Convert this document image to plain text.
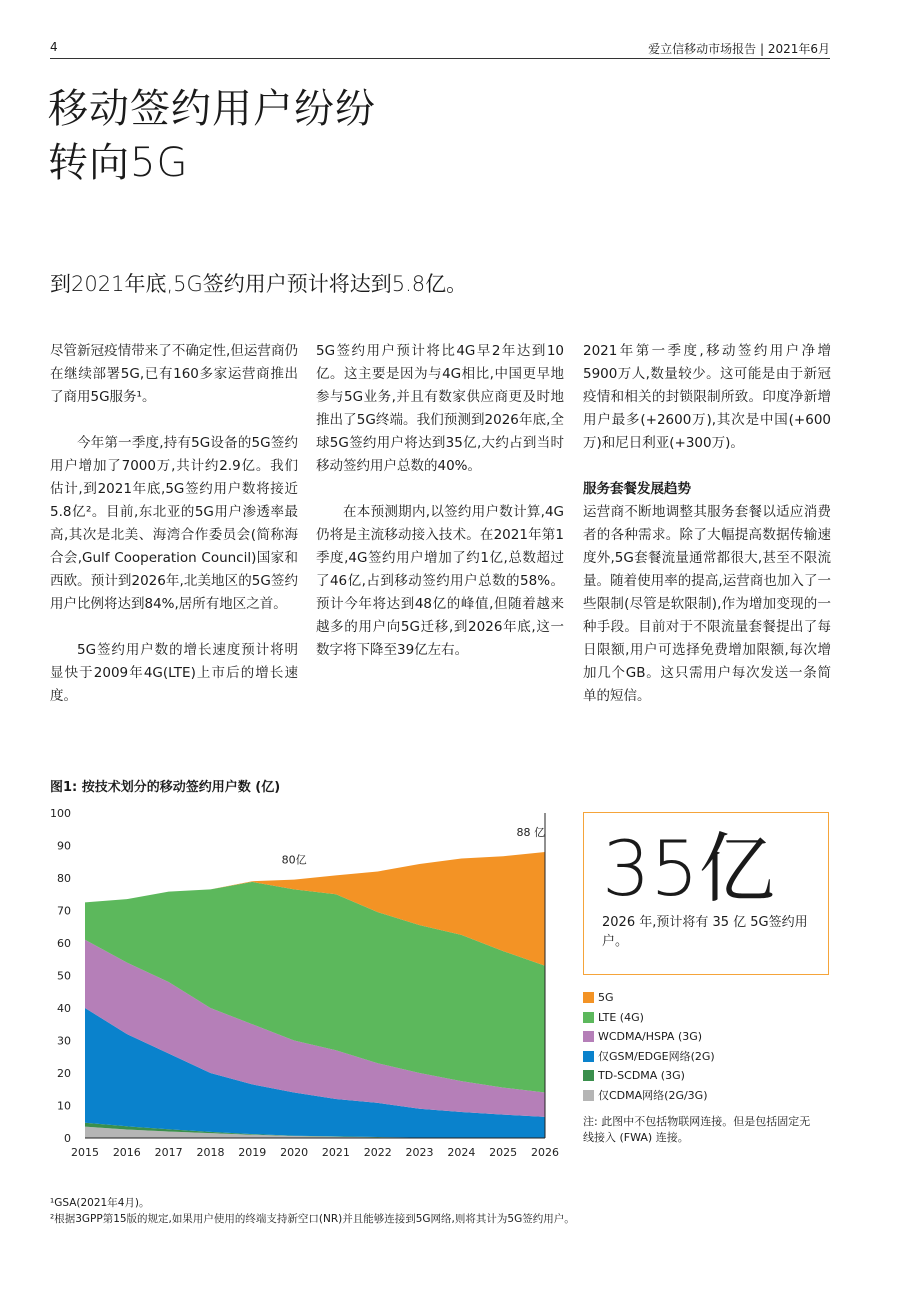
4	爱立信移动市场报告 | 2021年6月
移动签约用户纷纷
转向5G
到2021年底,5G签约用户预计将达到5.8亿。

尽管新冠疫情带来了不确定性,但运营商仍在继续部署5G,已有160多家运营商推出了商用5G服务¹。

今年第一季度,持有5G设备的5G签约用户增加了7000万,共计约2.9亿。我们估计,到2021年底,5G签约用户数将接近5.8亿²。目前,东北亚的5G用户渗透率最高,其次是北美、海湾合作委员会(简称海合会,Gulf Cooperation Council)国家和西欧。预计到2026年,北美地区的5G签约用户比例将达到84%,居所有地区之首。

5G签约用户数的增长速度预计将明显快于2009年4G(LTE)上市后的增长速度。

5G签约用户预计将比4G早2年达到10亿。这主要是因为与4G相比,中国更早地参与5G业务,并且有数家供应商更及时地推出了5G终端。我们预测到2026年底,全球5G签约用户将达到35亿,大约占到当时移动签约用户总数的40%。

在本预测期内,以签约用户数计算,4G仍将是主流移动接入技术。在2021年第1季度,4G签约用户增加了约1亿,总数超过了46亿,占到移动签约用户总数的58%。预计今年将达到48亿的峰值,但随着越来越多的用户向5G迁移,到2026年底,这一数字将下降至39亿左右。

2021年第一季度,移动签约用户净增5900万人,数量较少。这可能是由于新冠疫情和相关的封锁限制所致。印度净新增用户最多(+2600万),其次是中国(+600万)和尼日利亚(+300万)。

服务套餐发展趋势

运营商不断地调整其服务套餐以适应消费者的各种需求。除了大幅提高数据传输速度外,5G套餐流量通常都很大,甚至不限流量。随着使用率的提高,运营商也加入了一些限制(尽管是软限制),作为增加变现的一种手段。目前对于不限流量套餐提出了每日限额,用户可选择免费增加限额,每次增加几个GB。这只需用户每次发送一条简单的短信。

图1: 按技术划分的移动签约用户数 (亿)

0
10
20
30
40
50
60
70
80
90
100
2015 2016 2017 2018 2019 2020 2021 2022 2023 2024 2025 2026
80亿
88 亿 35亿
2026 年,预计将有 35 亿 5G签约用户。
5G
LTE (4G)
WCDMA/HSPA (3G)
仅GSM/EDGE网络(2G)
TD-SCDMA (3G)
仅CDMA网络(2G/3G)
注: 此图中不包括物联网连接。但是包括固定无线接入 (FWA) 连接。
¹GSA(2021年4月)。
²根据3GPP第15版的规定,如果用户使用的终端支持新空口(NR)并且能够连接到5G网络,则将其计为5G签约用户。
